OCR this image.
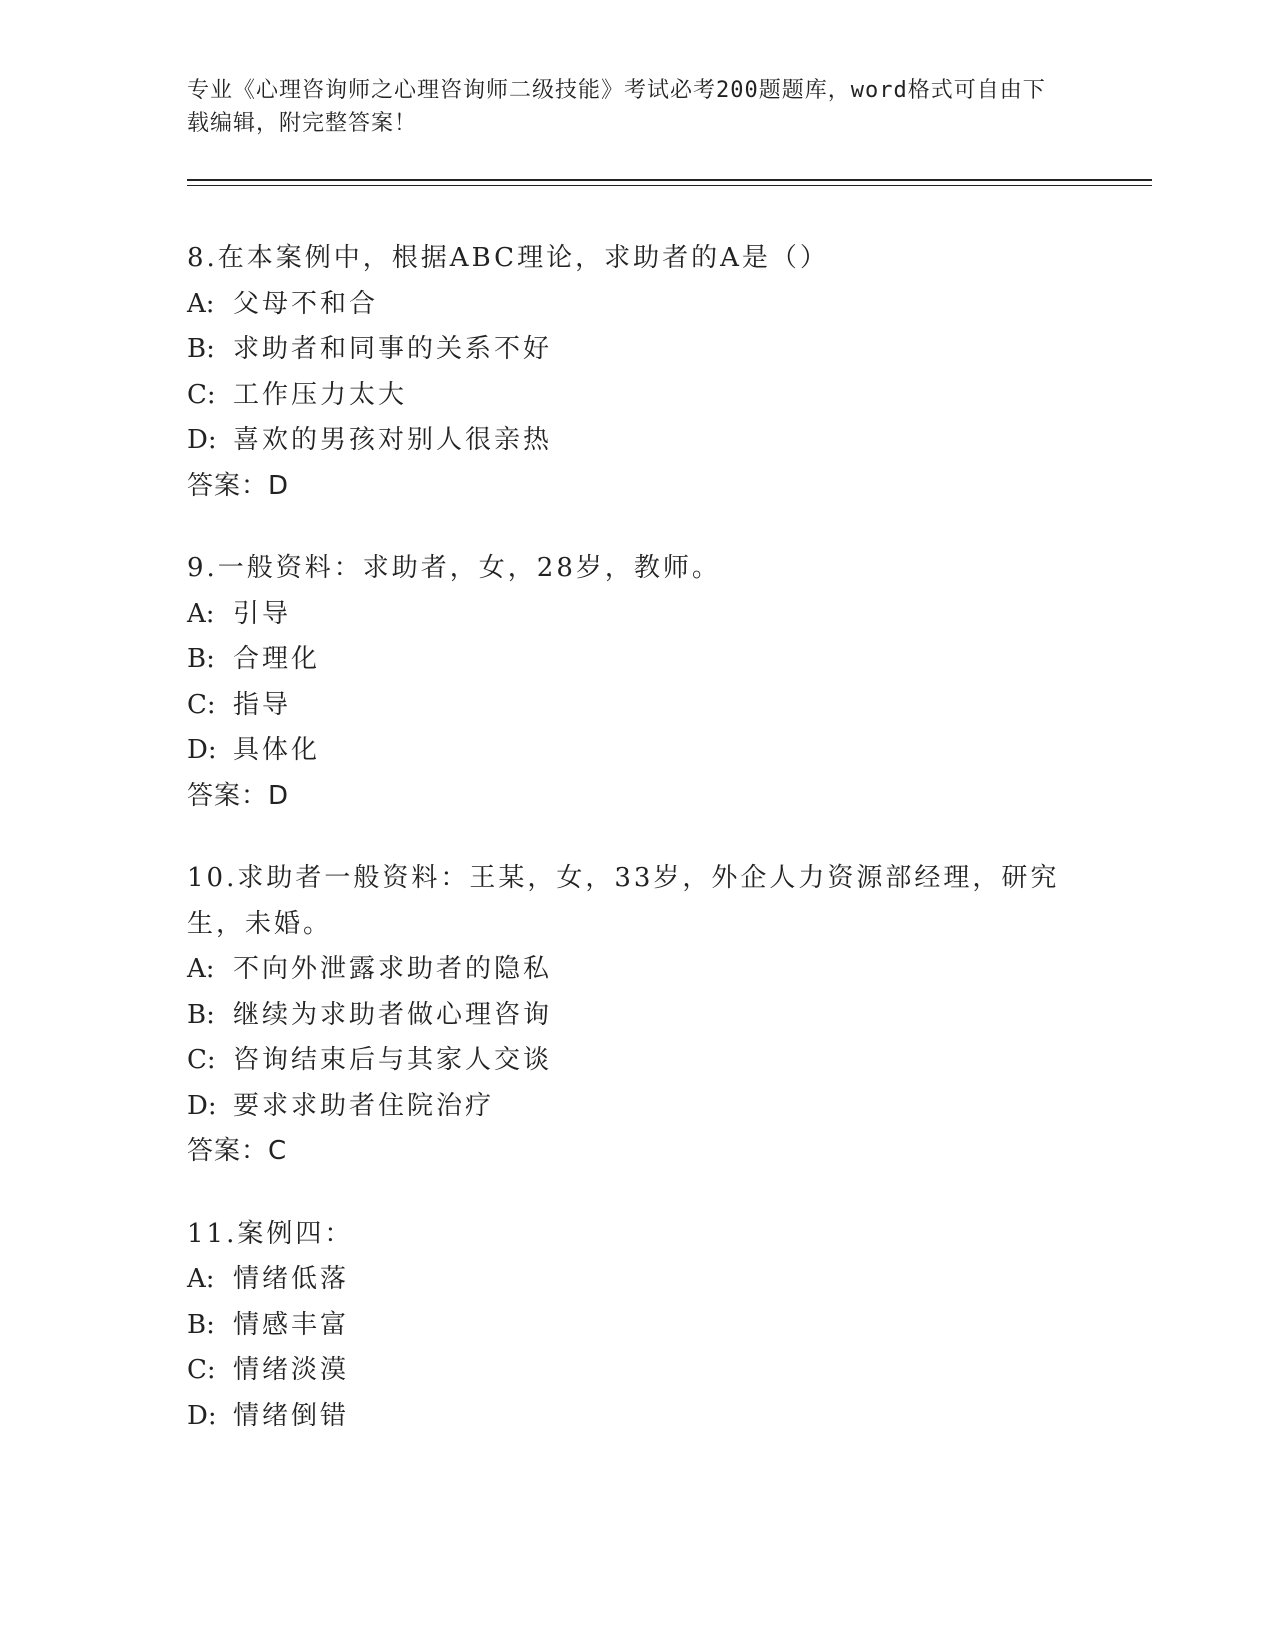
专业《心理咨询师之心理咨询师二级技能》考试必考200题题库，word格式可自由下载编辑，附完整答案！
8.在本案例中，根据ABC理论，求助者的A是（）
A: 父母不和合
B: 求助者和同事的关系不好
C: 工作压力太大
D: 喜欢的男孩对别人很亲热
答案：D
9.一般资料：求助者，女，28岁，教师。
A: 引导
B: 合理化
C: 指导
D: 具体化
答案：D
10.求助者一般资料：王某，女，33岁，外企人力资源部经理，研究生，未婚。
A: 不向外泄露求助者的隐私
B: 继续为求助者做心理咨询
C: 咨询结束后与其家人交谈
D: 要求求助者住院治疗
答案：C
11.案例四：
A: 情绪低落
B: 情感丰富
C: 情绪淡漠
D: 情绪倒错
